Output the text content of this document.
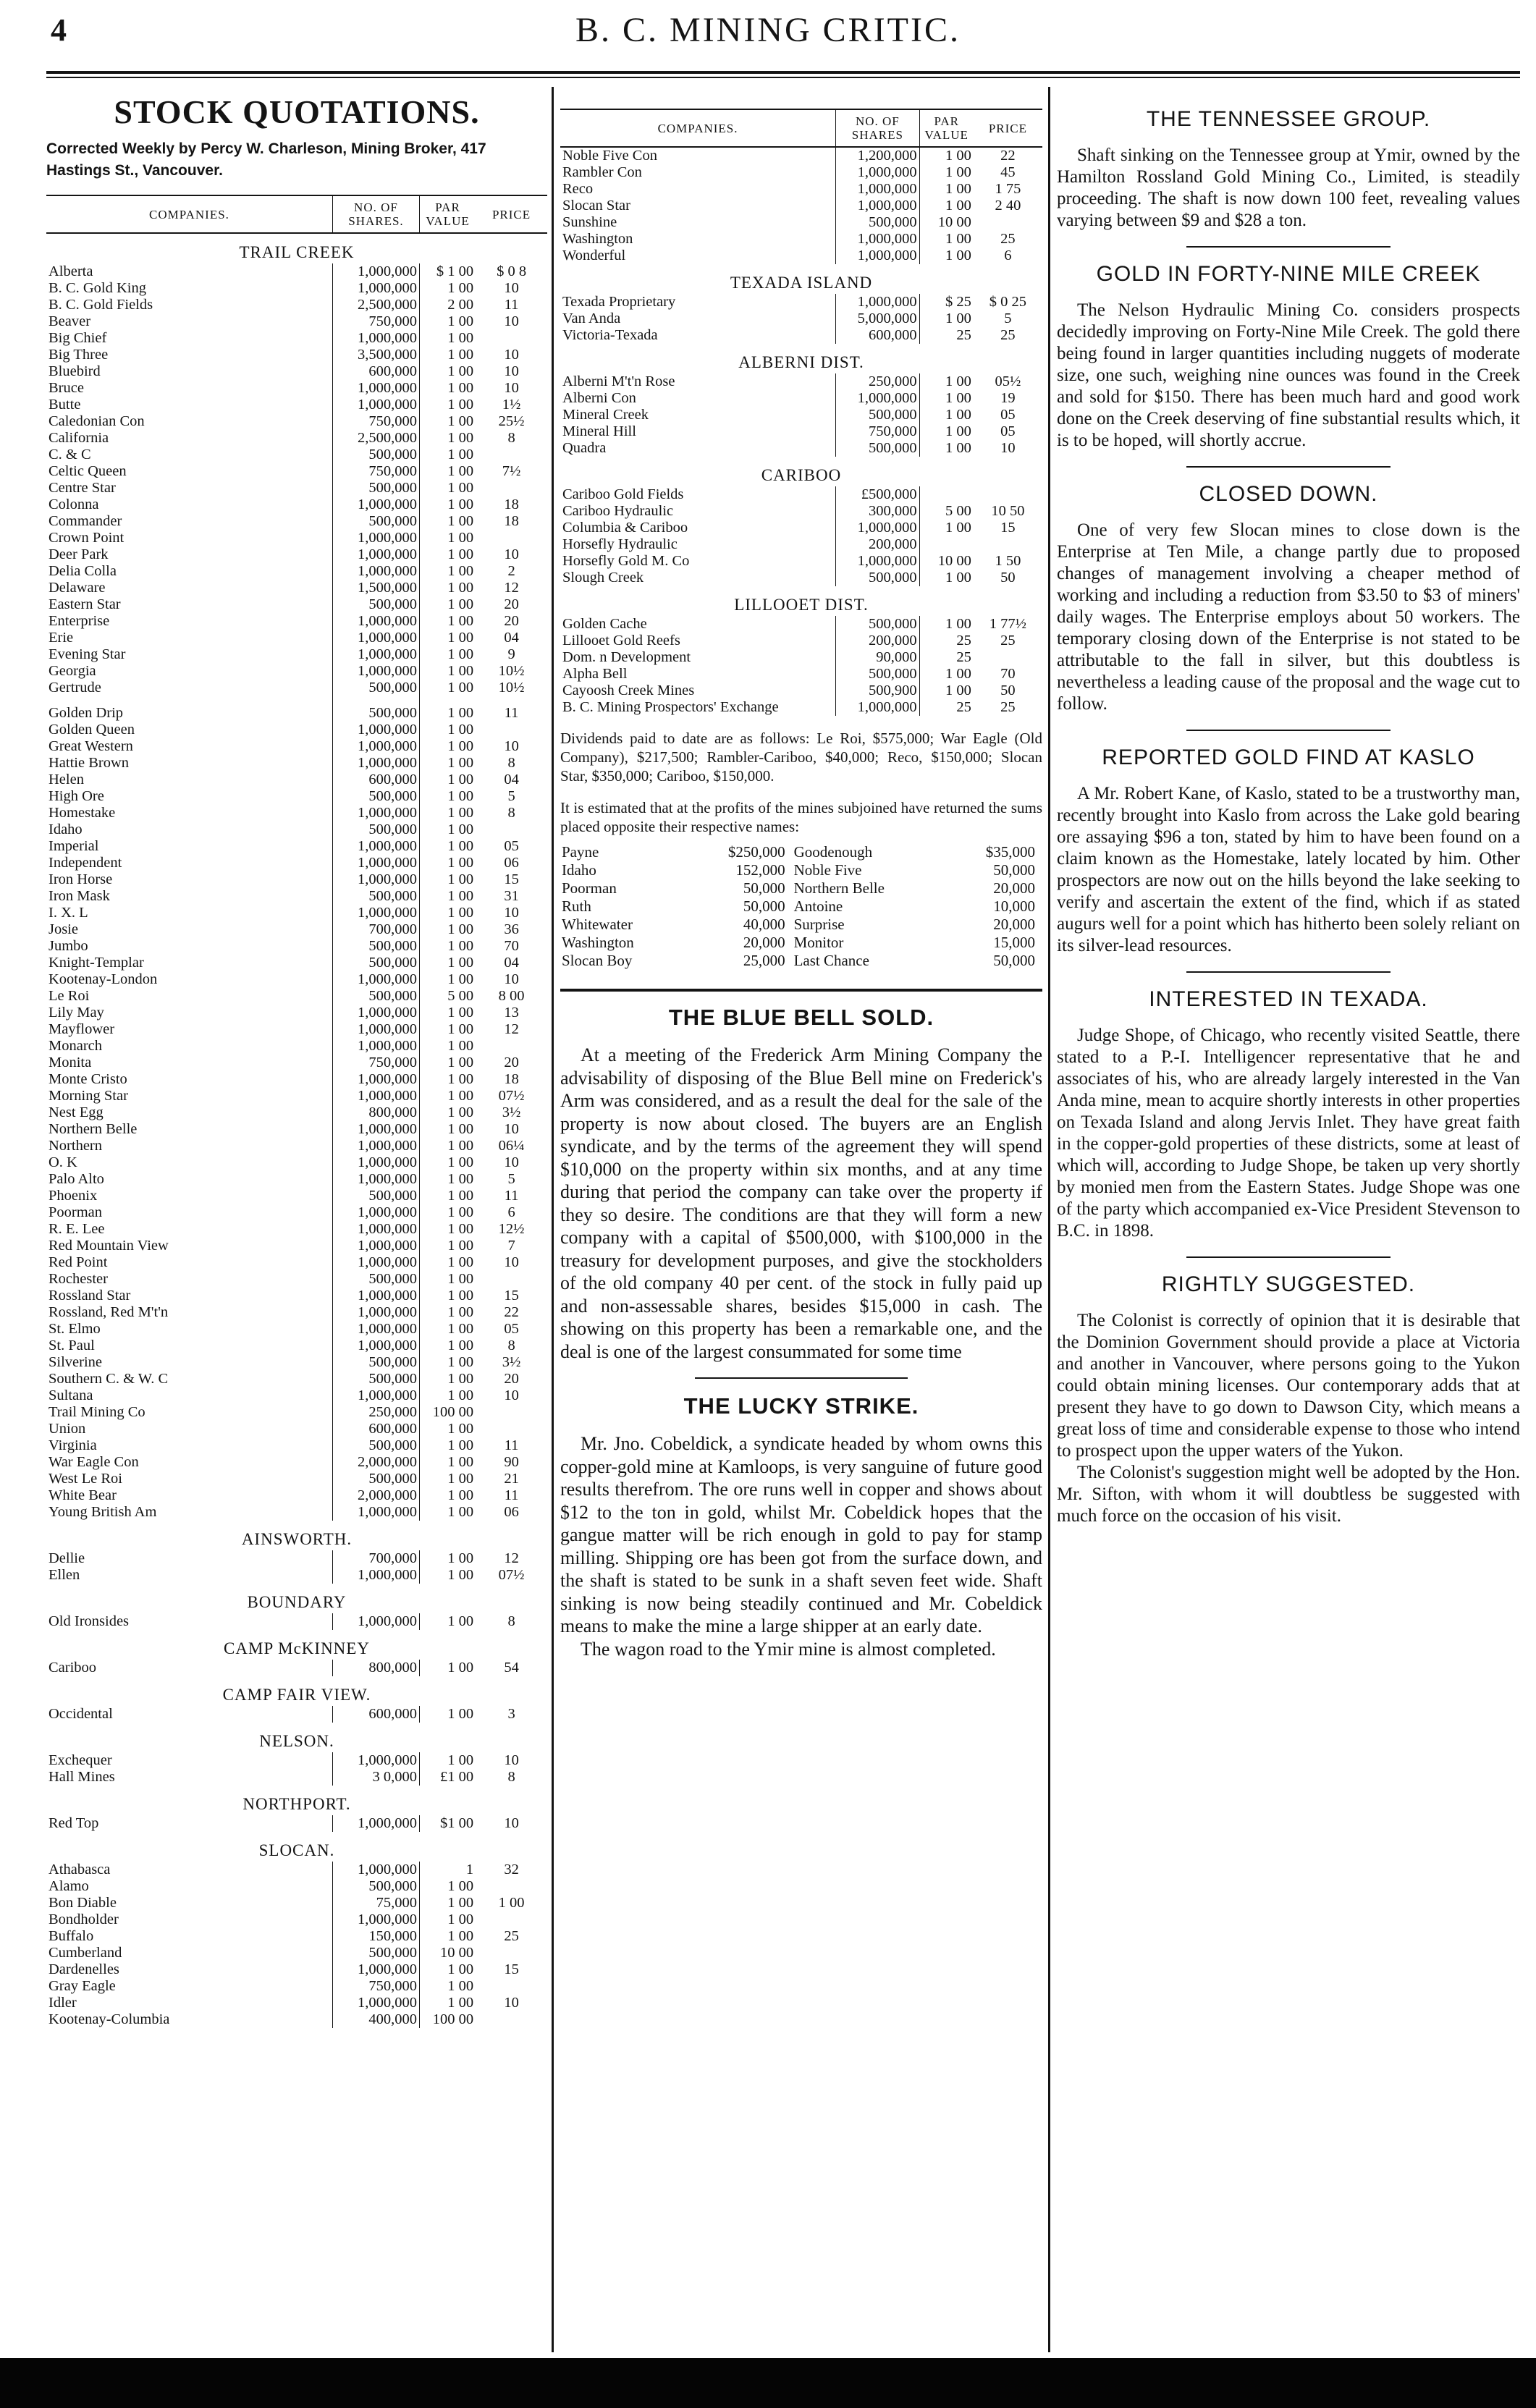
4	B. C. MINING CRITIC.
STOCK QUOTATIONS.
Corrected Weekly by Percy W. Charleson, Mining Broker, 417 Hastings St., Vancouver.
COMPANIES.	NO. OF SHARES.	PAR VALUE	PRICE
TRAIL CREEK			
Alberta	1,000,000	$ 1 00	$ 0 8
B. C. Gold King	1,000,000	1 00	10
B. C. Gold Fields	2,500,000	2 00	11
Beaver	750,000	1 00	10
Big Chief	1,000,000	1 00	
Big Three	3,500,000	1 00	10
Bluebird	600,000	1 00	10
Bruce	1,000,000	1 00	10
Butte	1,000,000	1 00	1½
Caledonian Con	750,000	1 00	25½
California	2,500,000	1 00	8
C. & C	500,000	1 00	
Celtic Queen	750,000	1 00	7½
Centre Star	500,000	1 00	
Colonna	1,000,000	1 00	18
Commander	500,000	1 00	18
Crown Point	1,000,000	1 00	
Deer Park	1,000,000	1 00	10
Delia Colla	1,000,000	1 00	2
Delaware	1,500,000	1 00	12
Eastern Star	500,000	1 00	20
Enterprise	1,000,000	1 00	20
Erie	1,000,000	1 00	04
Evening Star	1,000,000	1 00	9
Georgia	1,000,000	1 00	10½
Gertrude	500,000	1 00	10½

Golden Drip	500,000	1 00	11
Golden Queen	1,000,000	1 00	
Great Western	1,000,000	1 00	10
Hattie Brown	1,000,000	1 00	8
Helen	600,000	1 00	04
High Ore	500,000	1 00	5
Homestake	1,000,000	1 00	8
Idaho	500,000	1 00	
Imperial	1,000,000	1 00	05
Independent	1,000,000	1 00	06
Iron Horse	1,000,000	1 00	15
Iron Mask	500,000	1 00	31
I. X. L	1,000,000	1 00	10
Josie	700,000	1 00	36
Jumbo	500,000	1 00	70
Knight-Templar	500,000	1 00	04
Kootenay-London	1,000,000	1 00	10
Le Roi	500,000	5 00	8 00
Lily May	1,000,000	1 00	13
Mayflower	1,000,000	1 00	12
Monarch	1,000,000	1 00	
Monita	750,000	1 00	20
Monte Cristo	1,000,000	1 00	18
Morning Star	1,000,000	1 00	07½
Nest Egg	800,000	1 00	3½
Northern Belle	1,000,000	1 00	10
Northern	1,000,000	1 00	06¼
O. K	1,000,000	1 00	10
Palo Alto	1,000,000	1 00	5
Phoenix	500,000	1 00	11
Poorman	1,000,000	1 00	6
R. E. Lee	1,000,000	1 00	12½
Red Mountain View	1,000,000	1 00	7
Red Point	1,000,000	1 00	10
Rochester	500,000	1 00	
Rossland Star	1,000,000	1 00	15
Rossland, Red M't'n	1,000,000	1 00	22
St. Elmo	1,000,000	1 00	05
St. Paul	1,000,000	1 00	8
Silverine	500,000	1 00	3½
Southern C. & W. C	500,000	1 00	20
Sultana	1,000,000	1 00	10
Trail Mining Co	250,000	100 00	
Union	600,000	1 00	
Virginia	500,000	1 00	11
War Eagle Con	2,000,000	1 00	90
West Le Roi	500,000	1 00	21
White Bear	2,000,000	1 00	11
Young British Am	1,000,000	1 00	06
AINSWORTH.			
Dellie	700,000	1 00	12
Ellen	1,000,000	1 00	07½
BOUNDARY			
Old Ironsides	1,000,000	1 00	8
CAMP McKINNEY			
Cariboo	800,000	1 00	54
CAMP FAIR VIEW.			
Occidental	600,000	1 00	3
NELSON.			
Exchequer	1,000,000	1 00	10
Hall Mines	3 0,000	£1 00	8
NORTHPORT.			
Red Top	1,000,000	$1 00	10
SLOCAN.			
Athabasca	1,000,000	1	32
Alamo	500,000	1 00	
Bon Diable	75,000	1 00	1 00
Bondholder	1,000,000	1 00	
Buffalo	150,000	1 00	25
Cumberland	500,000	10 00	
Dardenelles	1,000,000	1 00	15
Gray Eagle	750,000	1 00	
Idler	1,000,000	1 00	10
Kootenay-Columbia	400,000	100 00	
COMPANIES.	NO. OF SHARES	PAR VALUE	PRICE
Noble Five Con	1,200,000	1 00	22
Rambler Con	1,000,000	1 00	45
Reco	1,000,000	1 00	1 75
Slocan Star	1,000,000	1 00	2 40
Sunshine	500,000	10 00	
Washington	1,000,000	1 00	25
Wonderful	1,000,000	1 00	6
TEXADA ISLAND			
Texada Proprietary	1,000,000	$ 25	$ 0 25
Van Anda	5,000,000	1 00	5
Victoria-Texada	600,000	25	25
ALBERNI DIST.			
Alberni M't'n Rose	250,000	1 00	05½
Alberni Con	1,000,000	1 00	19
Mineral Creek	500,000	1 00	05
Mineral Hill	750,000	1 00	05
Quadra	500,000	1 00	10
CARIBOO			
Cariboo Gold Fields	£500,000		
Cariboo Hydraulic	300,000	5 00	10 50
Columbia & Cariboo	1,000,000	1 00	15
Horsefly Hydraulic	200,000		
Horsefly Gold M. Co	1,000,000	10 00	1 50
Slough Creek	500,000	1 00	50
LILLOOET DIST.			
Golden Cache	500,000	1 00	1 77½
Lillooet Gold Reefs	200,000	25	25
Dom. n Development	90,000	25	
Alpha Bell	500,000	1 00	70
Cayoosh Creek Mines	500,900	1 00	50
B. C. Mining Prospectors' Exchange	1,000,000	25	25

Dividends paid to date are as follows: Le Roi, $575,000; War Eagle (Old Company), $217,500; Rambler-Cariboo, $40,000; Reco, $150,000; Slocan Star, $350,000; Cariboo, $150,000.

It is estimated that at the profits of the mines subjoined have returned the sums placed opposite their respective names:

Payne	$250,000	Goodenough	$35,000
Idaho	152,000	Noble Five	50,000
Poorman	50,000	Northern Belle	20,000
Ruth	50,000	Antoine	10,000
Whitewater	40,000	Surprise	20,000
Washington	20,000	Monitor	15,000
Slocan Boy	25,000	Last Chance	50,000
THE BLUE BELL SOLD.

At a meeting of the Frederick Arm Mining Company the advisability of disposing of the Blue Bell mine on Frederick's Arm was considered, and as a result the deal for the sale of the property is now about closed. The buyers are an English syndicate, and by the terms of the agreement they will spend $10,000 on the property within six months, and at any time during that period the company can take over the property if they so desire. The conditions are that they will form a new company with a capital of $500,000, with $100,000 in the treasury for development purposes, and give the stockholders of the old company 40 per cent. of the stock in fully paid up and non-assessable shares, besides $15,000 in cash. The showing on this property has been a remarkable one, and the deal is one of the largest consummated for some time

THE LUCKY STRIKE.

Mr. Jno. Cobeldick, a syndicate headed by whom owns this copper-gold mine at Kamloops, is very sanguine of future good results therefrom. The ore runs well in copper and shows about $12 to the ton in gold, whilst Mr. Cobeldick hopes that the gangue matter will be rich enough in gold to pay for stamp milling. Shipping ore has been got from the surface down, and the shaft is stated to be sunk in a shaft seven feet wide. Shaft sinking is now being steadily continued and Mr. Cobeldick means to make the mine a large shipper at an early date.

The wagon road to the Ymir mine is almost completed.

THE TENNESSEE GROUP.

Shaft sinking on the Tennessee group at Ymir, owned by the Hamilton Rossland Gold Mining Co., Limited, is steadily proceeding. The shaft is now down 100 feet, revealing values varying between $9 and $28 a ton.

GOLD IN FORTY-NINE MILE CREEK

The Nelson Hydraulic Mining Co. considers prospects decidedly improving on Forty-Nine Mile Creek. The gold there being found in larger quantities including nuggets of moderate size, one such, weighing nine ounces was found in the Creek and sold for $150. There has been much hard and good work done on the Creek deserving of fine substantial results which, it is to be hoped, will shortly accrue.

CLOSED DOWN.

One of very few Slocan mines to close down is the Enterprise at Ten Mile, a change partly due to proposed changes of management involving a cheaper method of working and including a reduction from $3.50 to $3 of miners' daily wages. The Enterprise employs about 50 workers. The temporary closing down of the Enterprise is not stated to be attributable to the fall in silver, but this doubtless is nevertheless a leading cause of the proposal and the wage cut to follow.

REPORTED GOLD FIND AT KASLO

A Mr. Robert Kane, of Kaslo, stated to be a trustworthy man, recently brought into Kaslo from across the Lake gold bearing ore assaying $96 a ton, stated by him to have been found on a claim known as the Homestake, lately located by him. Other prospectors are now out on the hills beyond the lake seeking to verify and ascertain the extent of the find, which if as stated augurs well for a point which has hitherto been solely reliant on its silver-lead resources.

INTERESTED IN TEXADA.

Judge Shope, of Chicago, who recently visited Seattle, there stated to a P.-I. Intelligencer representative that he and associates of his, who are already largely interested in the Van Anda mine, mean to acquire shortly interests in other properties on Texada Island and along Jervis Inlet. They have great faith in the copper-gold properties of these districts, some at least of which will, according to Judge Shope, be taken up very shortly by monied men from the Eastern States. Judge Shope was one of the party which accompanied ex-Vice President Stevenson to B.C. in 1898.

RIGHTLY SUGGESTED.

The Colonist is correctly of opinion that it is desirable that the Dominion Government should provide a place at Victoria and another in Vancouver, where persons going to the Yukon could obtain mining licenses. Our contemporary adds that at present they have to go down to Dawson City, which means a great loss of time and considerable expense to those who intend to prospect upon the upper waters of the Yukon.

The Colonist's suggestion might well be adopted by the Hon. Mr. Sifton, with whom it will doubtless be suggested with much force on the occasion of his visit.
